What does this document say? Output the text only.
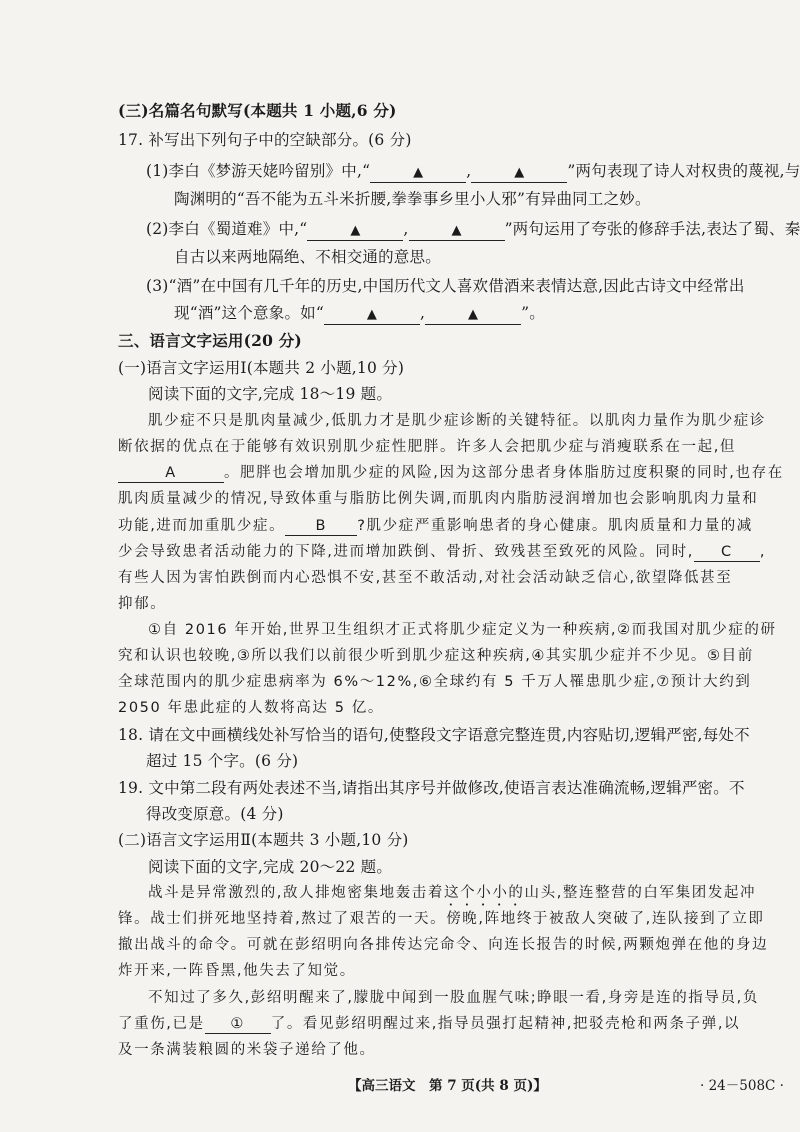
(三)名篇名句默写(本题共 1 小题,6 分)
17. 补写出下列句子中的空缺部分。(6 分)
(1)李白《梦游天姥吟留别》中,“	▲	,	▲	”两句表现了诗人对权贵的蔑视,与
陶渊明的“吾不能为五斗米折腰,拳拳事乡里小人邪”有异曲同工之妙。
(2)李白《蜀道难》中,“	▲	,	▲	”两句运用了夸张的修辞手法,表达了蜀、秦
自古以来两地隔绝、不相交通的意思。
(3)“酒”在中国有几千年的历史,中国历代文人喜欢借酒来表情达意,因此古诗文中经常出
现“酒”这个意象。如“	▲	,	▲	”。
三、语言文字运用(20 分)
(一)语言文字运用Ⅰ(本题共 2 小题,10 分)
阅读下面的文字,完成 18～19 题。
肌少症不只是肌肉量减少,低肌力才是肌少症诊断的关键特征。以肌肉力量作为肌少症诊
断依据的优点在于能够有效识别肌少症性肥胖。许多人会把肌少症与消瘦联系在一起,但
A	。肥胖也会增加肌少症的风险,因为这部分患者身体脂肪过度积聚的同时,也存在
肌肉质量减少的情况,导致体重与脂肪比例失调,而肌肉内脂肪浸润增加也会影响肌肉力量和
功能,进而加重肌少症。 B ?肌少症严重影响患者的身心健康。肌肉质量和力量的减
少会导致患者活动能力的下降,进而增加跌倒、骨折、致残甚至致死的风险。同时, C ,
有些人因为害怕跌倒而内心恐惧不安,甚至不敢活动,对社会活动缺乏信心,欲望降低甚至
抑郁。
①自 2016 年开始,世界卫生组织才正式将肌少症定义为一种疾病,②而我国对肌少症的研
究和认识也较晚,③所以我们以前很少听到肌少症这种疾病,④其实肌少症并不少见。⑤目前
全球范围内的肌少症患病率为 6%～12%,⑥全球约有 5 千万人罹患肌少症,⑦预计大约到
2050 年患此症的人数将高达 5 亿。
18. 请在文中画横线处补写恰当的语句,使整段文字语意完整连贯,内容贴切,逻辑严密,每处不
超过 15 个字。(6 分)
19. 文中第二段有两处表述不当,请指出其序号并做修改,使语言表达准确流畅,逻辑严密。不
得改变原意。(4 分)
(二)语言文字运用Ⅱ(本题共 3 小题,10 分)
阅读下面的文字,完成 20～22 题。
战斗是异常激烈的,敌人排炮密集地轰击着这个小小的山头,整连整营的白军集团发起冲
锋。战士们拼死地坚持着,熬过了艰苦的一天。傍晚,阵地终于被敌人突破了,连队接到了立即
撤出战斗的命令。可就在彭绍明向各排传达完命令、向连长报告的时候,两颗炮弹在他的身边
炸开来,一阵昏黑,他失去了知觉。
不知过了多久,彭绍明醒来了,朦胧中闻到一股血腥气味;睁眼一看,身旁是连的指导员,负
了重伤,已是 ① 了。看见彭绍明醒过来,指导员强打起精神,把驳壳枪和两条子弹,以
及一条满装粮圆的米袋子递给了他。
【高三语文　第 7 页(共 8 页)】	· 24－508C ·
